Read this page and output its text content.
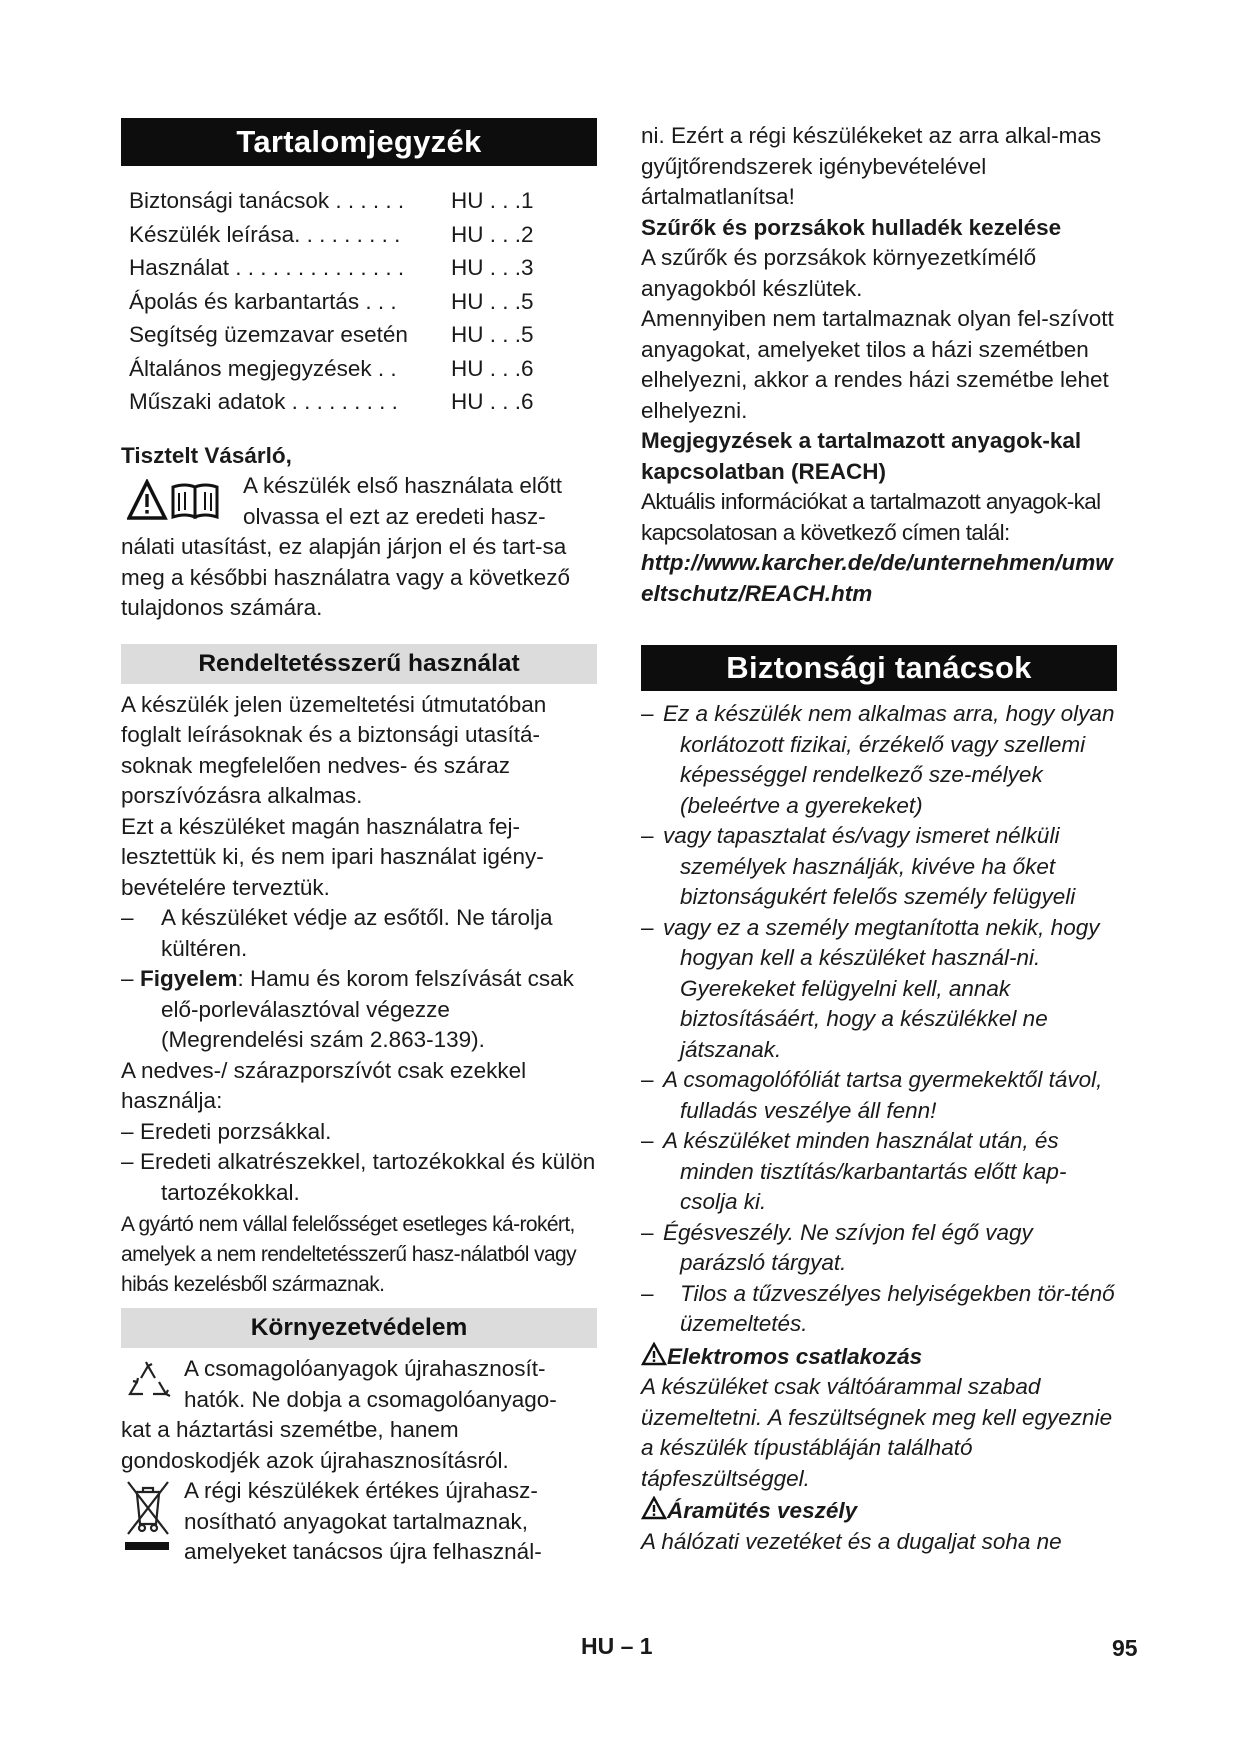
Tartalomjegyzék
Biztonsági tanácsok . . . . . .	HU . . .1
Készülék leírása. . . . . . . . .	HU . . .2
Használat . . . . . . . . . . . . . .	HU . . .3
Ápolás és karbantartás . . .	HU . . .5
Segítség üzemzavar esetén	HU . . .5
Általános megjegyzések . .	HU . . .6
Műszaki adatok . . . . . . . . .	HU . . .6

Tisztelt Vásárló,

A készülék első használata előtt

olvassa el ezt az eredeti hasz-

nálati utasítást, ez alapján járjon el és tart-sa meg a későbbi használatra vagy a következő tulajdonos számára.

Rendeltetésszerű használat

A készülék jelen üzemeltetési útmutatóban foglalt leírásoknak és a biztonsági utasítá-soknak megfelelően nedves- és száraz porszívózásra alkalmas.

Ezt a készüléket magán használatra fej-lesztettük ki, és nem ipari használat igény-bevételére terveztük.

– A készüléket védje az esőtől. Ne tárolja kültéren.
– Figyelem: Hamu és korom felszívását csak elő-porleválasztóval végezze (Megrendelési szám 2.863-139).

A nedves-/ szárazporszívót csak ezekkel használja:

– Eredeti porzsákkal.
– Eredeti alkatrészekkel, tartozékokkal és külön tartozékokkal.

A gyártó nem vállal felelősséget esetleges ká-rokért, amelyek a nem rendeltetésszerű hasz-nálatból vagy hibás kezelésből származnak.

Környezetvédelem

A csomagolóanyagok újrahasznosít-

hatók. Ne dobja a csomagolóanyago-

kat a háztartási szemétbe, hanem gondoskodjék azok újrahasznosításról.

A régi készülékek értékes újrahasz-

nosítható anyagokat tartalmaznak,

amelyeket tanácsos újra felhasznál-

ni. Ezért a régi készülékeket az arra alkal-mas gyűjtőrendszerek igénybevételével ártalmatlanítsa!

Szűrők és porzsákok hulladék kezelése

A szűrők és porzsákok környezetkímélő anyagokból készlütek.

Amennyiben nem tartalmaznak olyan fel-szívott anyagokat, amelyeket tilos a házi szemétben elhelyezni, akkor a rendes házi szemétbe lehet elhelyezni.

Megjegyzések a tartalmazott anyagok-kal kapcsolatban (REACH)

Aktuális információkat a tartalmazott anyagok-kal kapcsolatosan a következő címen talál:

http://www.karcher.de/de/unternehmen/umweltschutz/REACH.htm

Biztonsági tanácsok
– Ez a készülék nem alkalmas arra, hogy olyan korlátozott fizikai, érzékelő vagy szellemi képességgel rendelkező sze-mélyek (beleértve a gyerekeket)
– vagy tapasztalat és/vagy ismeret nélküli személyek használják, kivéve ha őket biztonságukért felelős személy felügyeli
– vagy ez a személy megtanította nekik, hogy hogyan kell a készüléket használ-ni. Gyerekeket felügyelni kell, annak biztosításáért, hogy a készülékkel ne játszanak.
– A csomagolófóliát tartsa gyermekektől távol, fulladás veszélye áll fenn!
– A készüléket minden használat után, és minden tisztítás/karbantartás előtt kap-csolja ki.
– Égésveszély. Ne szívjon fel égő vagy parázsló tárgyat.
– Tilos a tűzveszélyes helyiségekben tör-ténő üzemeltetés.

Elektromos csatlakozás

A készüléket csak váltóárammal szabad üzemeltetni. A feszültségnek meg kell egyeznie a készülék típustábláján található tápfeszültséggel.

Áramütés veszély

A hálózati vezetéket és a dugaljat soha ne

HU – 1	95
